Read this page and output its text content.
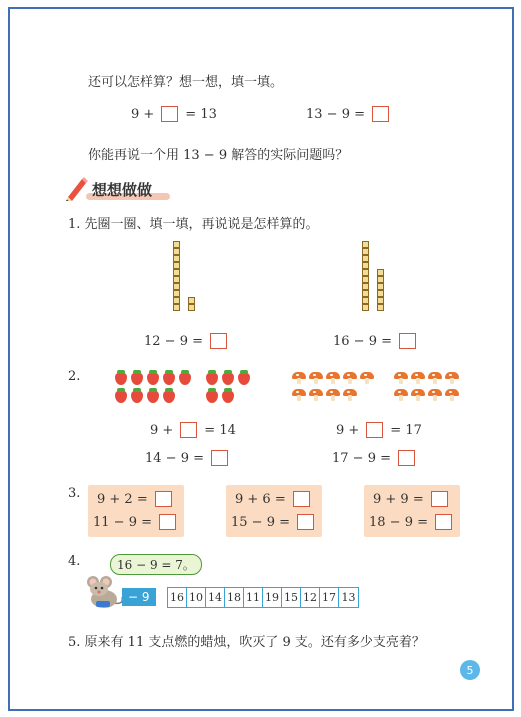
还可以怎样算？想一想，填一填。
9 + = 13	13 − 9 =
你能再说一个用 13 − 9 解答的实际问题吗？
想想做做
1. 先圈一圈、填一填，再说说是怎样算的。
12 − 9 =	16 − 9 =
2.
9 + = 14
14 − 9 =
9 + = 17
17 − 9 =
3. 9 + 2 =
11 − 9 =
9 + 6 =
15 − 9 =
9 + 9 =
18 − 9 =
4.	16 − 9 = 7。
− 9	16 10 14 18 11 19 15 12 17 13
5. 原来有 11 支点燃的蜡烛，吹灭了 9 支。还有多少支亮着？
5
